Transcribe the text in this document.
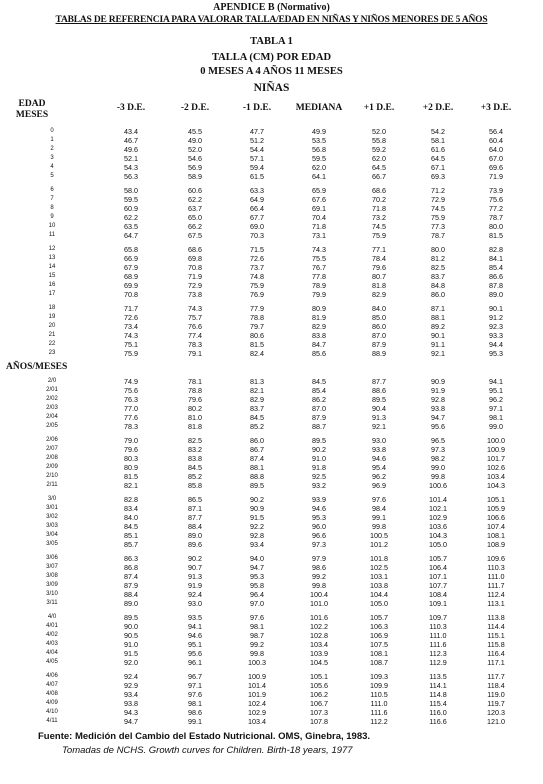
APENDICE B (Normativo)
TABLAS DE REFERENCIA PARA VALORAR TALLA/EDAD EN NIÑAS Y NIÑOS MENORES DE 5 AÑOS
TABLA 1
TALLA (CM) POR EDAD
0 MESES A 4 AÑOS 11 MESES
NIÑAS
EDAD MESES
-3 D.E.	-2 D.E.	-1 D.E.	MEDIANA	+1 D.E.	+2 D.E.	+3 D.E.
0	43.4	45.5	47.7	49.9	52.0	54.2	56.4
1	46.7	49.0	51.2	53.5	55.8	58.1	60.4
2	49.6	52.0	54.4	56.8	59.2	61.6	64.0
3	52.1	54.6	57.1	59.5	62.0	64.5	67.0
4	54.3	56.9	59.4	62.0	64.5	67.1	69.6
5	56.3	58.9	61.5	64.1	66.7	69.3	71.9
6	58.0	60.6	63.3	65.9	68.6	71.2	73.9
7	59.5	62.2	64.9	67.6	70.2	72.9	75.6
8	60.9	63.7	66.4	69.1	71.8	74.5	77.2
9	62.2	65.0	67.7	70.4	73.2	75.9	78.7
10	63.5	66.2	69.0	71.8	74.5	77.3	80.0
11	64.7	67.5	70.3	73.1	75.9	78.7	81.5
12	65.8	68.6	71.5	74.3	77.1	80.0	82.8
13	66.9	69.8	72.6	75.5	78.4	81.2	84.1
14	67.9	70.8	73.7	76.7	79.6	82.5	85.4
15	68.9	71.9	74.8	77.8	80.7	83.7	86.6
16	69.9	72.9	75.9	78.9	81.8	84.8	87.8
17	70.8	73.8	76.9	79.9	82.9	86.0	89.0
18	71.7	74.3	77.9	80.9	84.0	87.1	90.1
19	72.6	75.7	78.8	81.9	85.0	88.1	91.2
20	73.4	76.6	79.7	82.9	86.0	89.2	92.3
21	74.3	77.4	80.6	83.8	87.0	90.1	93.3
22	75.1	78.3	81.5	84.7	87.9	91.1	94.4
23	75.9	79.1	82.4	85.6	88.9	92.1	95.3
AÑOS/MESES
2/0	74.9	78.1	81.3	84.5	87.7	90.9	94.1
2/01	75.6	78.8	82.1	85.4	88.6	91.9	95.1
2/02	76.3	79.6	82.9	86.2	89.5	92.8	96.2
2/03	77.0	80.2	83.7	87.0	90.4	93.8	97.1
2/04	77.6	81.0	84.5	87.9	91.3	94.7	98.1
2/05	78.3	81.8	85.2	88.7	92.1	95.6	99.0
2/06	79.0	82.5	86.0	89.5	93.0	96.5	100.0
2/07	79.6	83.2	86.7	90.2	93.8	97.3	100.9
2/08	80.3	83.8	87.4	91.0	94.6	98.2	101.7
2/09	80.9	84.5	88.1	91.8	95.4	99.0	102.6
2/10	81.5	85.2	88.8	92.5	96.2	99.8	103.4
2/11	82.1	85.8	89.5	93.2	96.9	100.6	104.3
3/0	82.8	86.5	90.2	93.9	97.6	101.4	105.1
3/01	83.4	87.1	90.9	94.6	98.4	102.1	105.9
3/02	84.0	87.7	91.5	95.3	99.1	102.9	106.6
3/03	84.5	88.4	92.2	96.0	99.8	103.6	107.4
3/04	85.1	89.0	92.8	96.6	100.5	104.3	108.1
3/05	85.7	89.6	93.4	97.3	101.2	105.0	108.9
3/06	86.3	90.2	94.0	97.9	101.8	105.7	109.6
3/07	86.8	90.7	94.7	98.6	102.5	106.4	110.3
3/08	87.4	91.3	95.3	99.2	103.1	107.1	111.0
3/09	87.9	91.9	95.8	99.8	103.8	107.7	111.7
3/10	88.4	92.4	96.4	100.4	104.4	108.4	112.4
3/11	89.0	93.0	97.0	101.0	105.0	109.1	113.1
4/0	89.5	93.5	97.6	101.6	105.7	109.7	113.8
4/01	90.0	94.1	98.1	102.2	106.3	110.3	114.4
4/02	90.5	94.6	98.7	102.8	106.9	111.0	115.1
4/03	91.0	95.1	99.2	103.4	107.5	111.6	115.8
4/04	91.5	95.6	99.8	103.9	108.1	112.3	116.4
4/05	92.0	96.1	100.3	104.5	108.7	112.9	117.1
4/06	92.4	96.7	100.9	105.1	109.3	113.5	117.7
4/07	92.9	97.1	101.4	105.6	109.9	114.1	118.4
4/08	93.4	97.6	101.9	106.2	110.5	114.8	119.0
4/09	93.8	98.1	102.4	106.7	111.0	115.4	119.7
4/10	94.3	98.6	102.9	107.3	111.6	116.0	120.3
4/11	94.7	99.1	103.4	107.8	112.2	116.6	121.0
Fuente: Medición del Cambio del Estado Nutricional. OMS, Ginebra, 1983.
Tomadas de NCHS. Growth curves for Children. Birth-18 years, 1977
